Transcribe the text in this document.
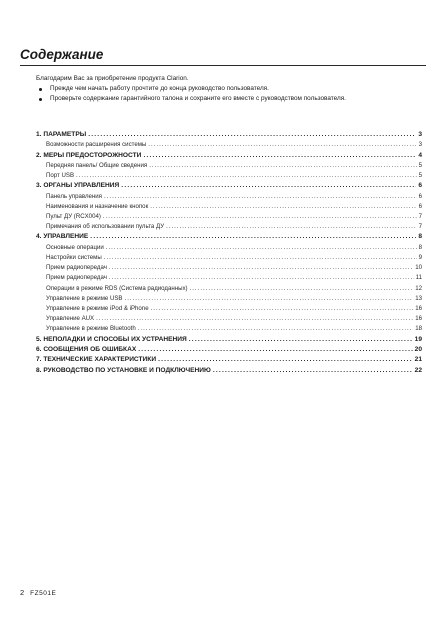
Содержание

Благодарим Вас за приобретение продукта Clarion.

Прежде чем начать работу прочтите до конца руководство пользователя.
Проверьте содержание гарантийного талона и сохраните его вместе с руководством пользователя.
1. ПАРАМЕТРЫ .....	3
Возможности расширения системы .....	3
2. МЕРЫ ПРЕДОСТОРОЖНОСТИ .....	4
Передняя панель/ Общие сведения .....	5
Порт USB .....	5
3. ОРГАНЫ УПРАВЛЕНИЯ .....	6
Панель управления .....	6
Наименования и назначение кнопок .....	6
Пульт ДУ (RCX004) .....	7
Примечания об использовании пульта ДУ .....	7
4. УПРАВЛЕНИЕ .....	8
Основные операции .....	8
Настройки системы .....	9
Прием радиопередач .....	10
Прием радиопередач .....	11
Операции в режиме RDS (Система радиоданных) .....	12
Управление в режиме USB .....	13
Управление в режиме iPod & iPhone .....	16
Управление AUX .....	16
Управление в режиме Bluetooth .....	18
5. НЕПОЛАДКИ И СПОСОБЫ ИХ УСТРАНЕНИЯ .....	19
6. СООБЩЕНИЯ ОБ ОШИБКАХ .....	20
7. ТЕХНИЧЕСКИЕ ХАРАКТЕРИСТИКИ .....	21
8. РУКОВОДСТВО ПО УСТАНОВКЕ И ПОДКЛЮЧЕНИЮ .....	22
2 FZ501E
